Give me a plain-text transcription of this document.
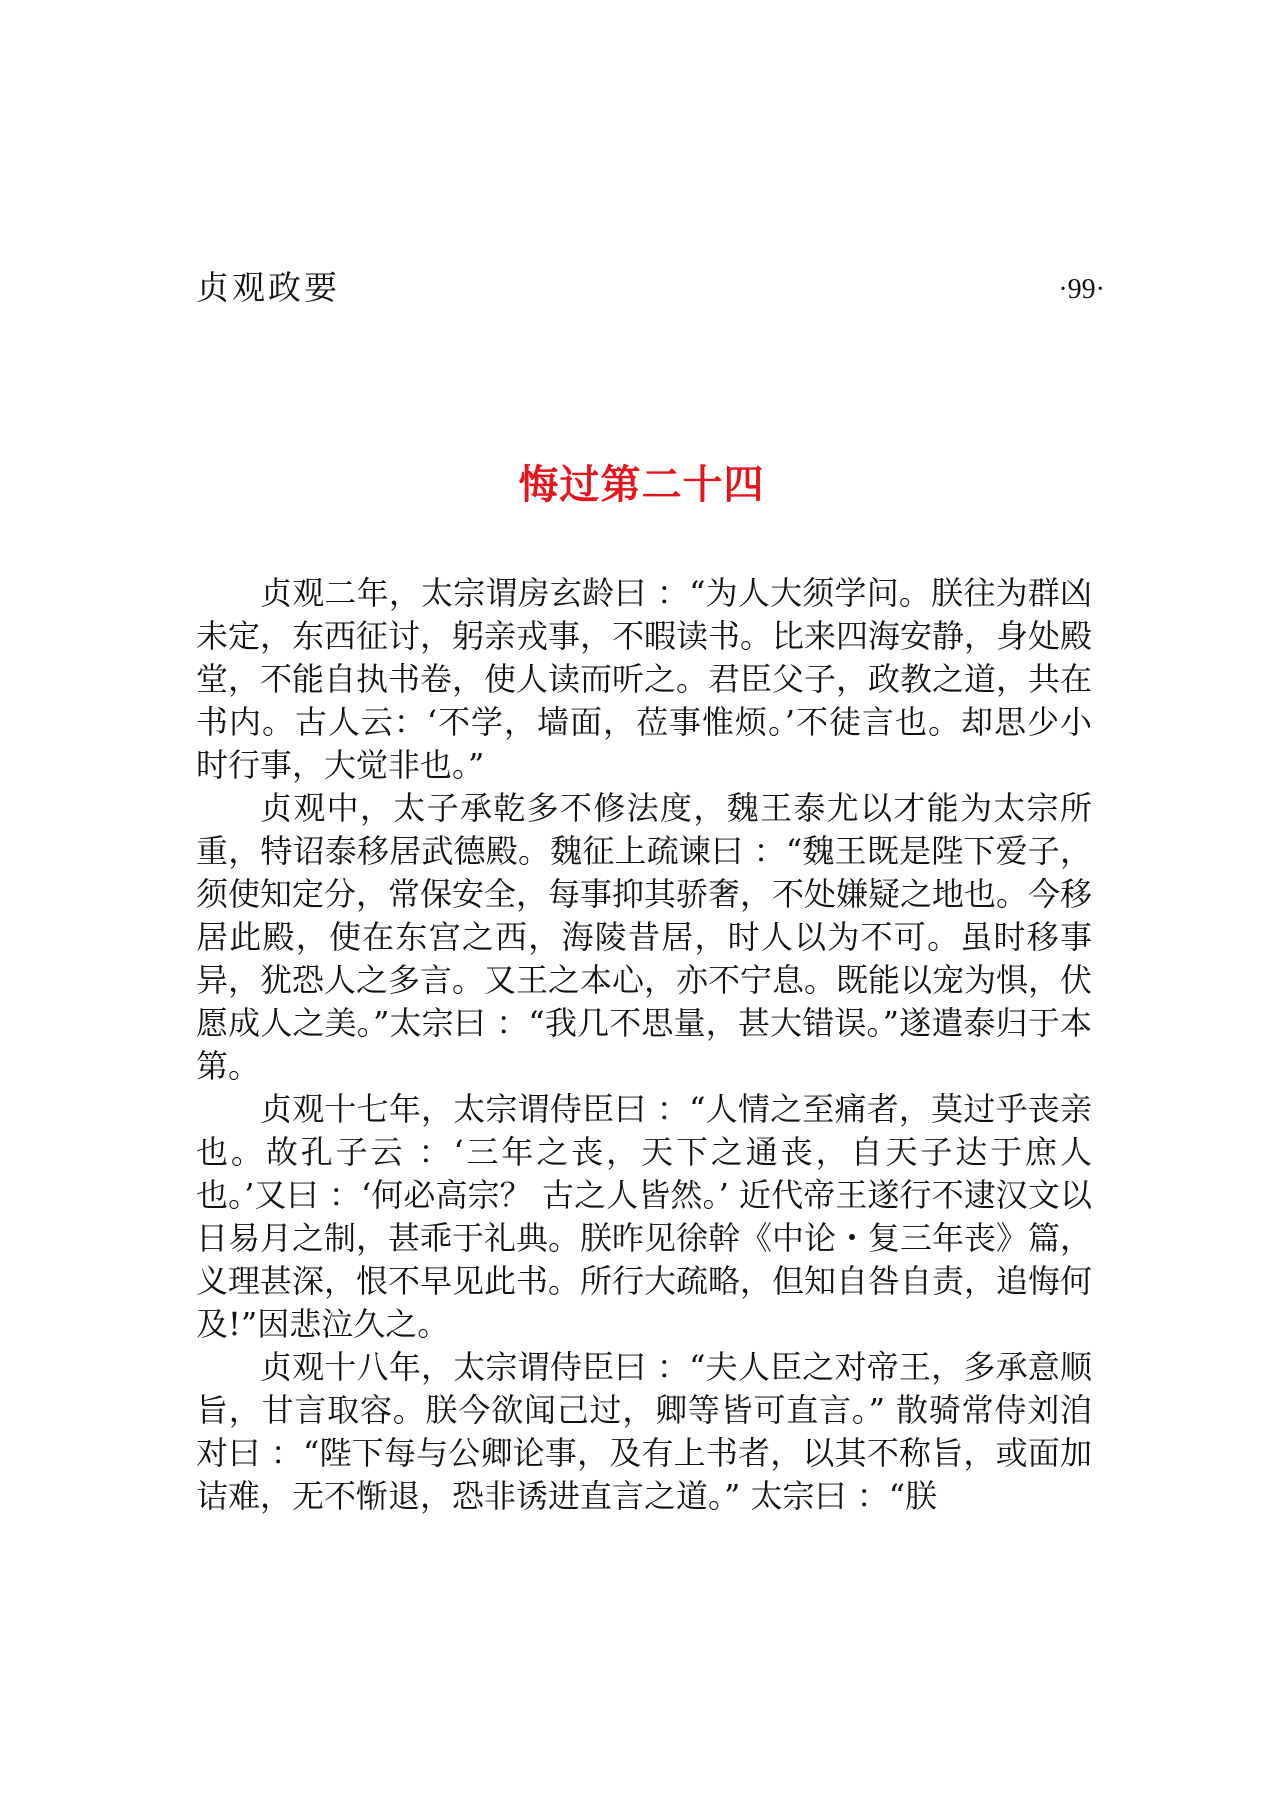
贞观政要	·99·
悔过第二十四

贞观二年，太宗谓房玄龄曰 ：“为人大须学问。朕往为群凶未定，东西征讨，躬亲戎事，不暇读书。比来四海安静，身处殿堂，不能自执书卷，使人读而听之。君臣父子，政教之道，共在书内。古人云：‘不学，墙面，莅事惟烦。’不徒言也。却思少小时行事，大觉非也。”

贞观中，太子承乾多不修法度，魏王泰尤以才能为太宗所重，特诏泰移居武德殿。魏征上疏谏曰 ：“魏王既是陛下爱子，须使知定分，常保安全，每事抑其骄奢，不处嫌疑之地也。今移居此殿，使在东宫之西，海陵昔居，时人以为不可。虽时移事异，犹恐人之多言。又王之本心，亦不宁息。既能以宠为惧，伏愿成人之美。”太宗曰 ：“我几不思量，甚大错误。”遂遣泰归于本第。

贞观十七年，太宗谓侍臣曰 ：“人情之至痛者，莫过乎丧亲也。故孔子云 ：‘三年之丧，天下之通丧，自天子达于庶人也。’又曰 ：‘何必高宗？ 古之人皆然。’ 近代帝王遂行不逮汉文以日易月之制，甚乖于礼典。朕昨见徐幹《中论・复三年丧》篇，义理甚深，恨不早见此书。所行大疏略，但知自咎自责，追悔何及!”因悲泣久之。

贞观十八年，太宗谓侍臣曰 ：“夫人臣之对帝王，多承意顺旨，甘言取容。朕今欲闻己过，卿等皆可直言。” 散骑常侍刘洎对曰 ：“陛下每与公卿论事，及有上书者，以其不称旨，或面加诘难，无不惭退，恐非诱进直言之道。” 太宗曰 ：“朕
